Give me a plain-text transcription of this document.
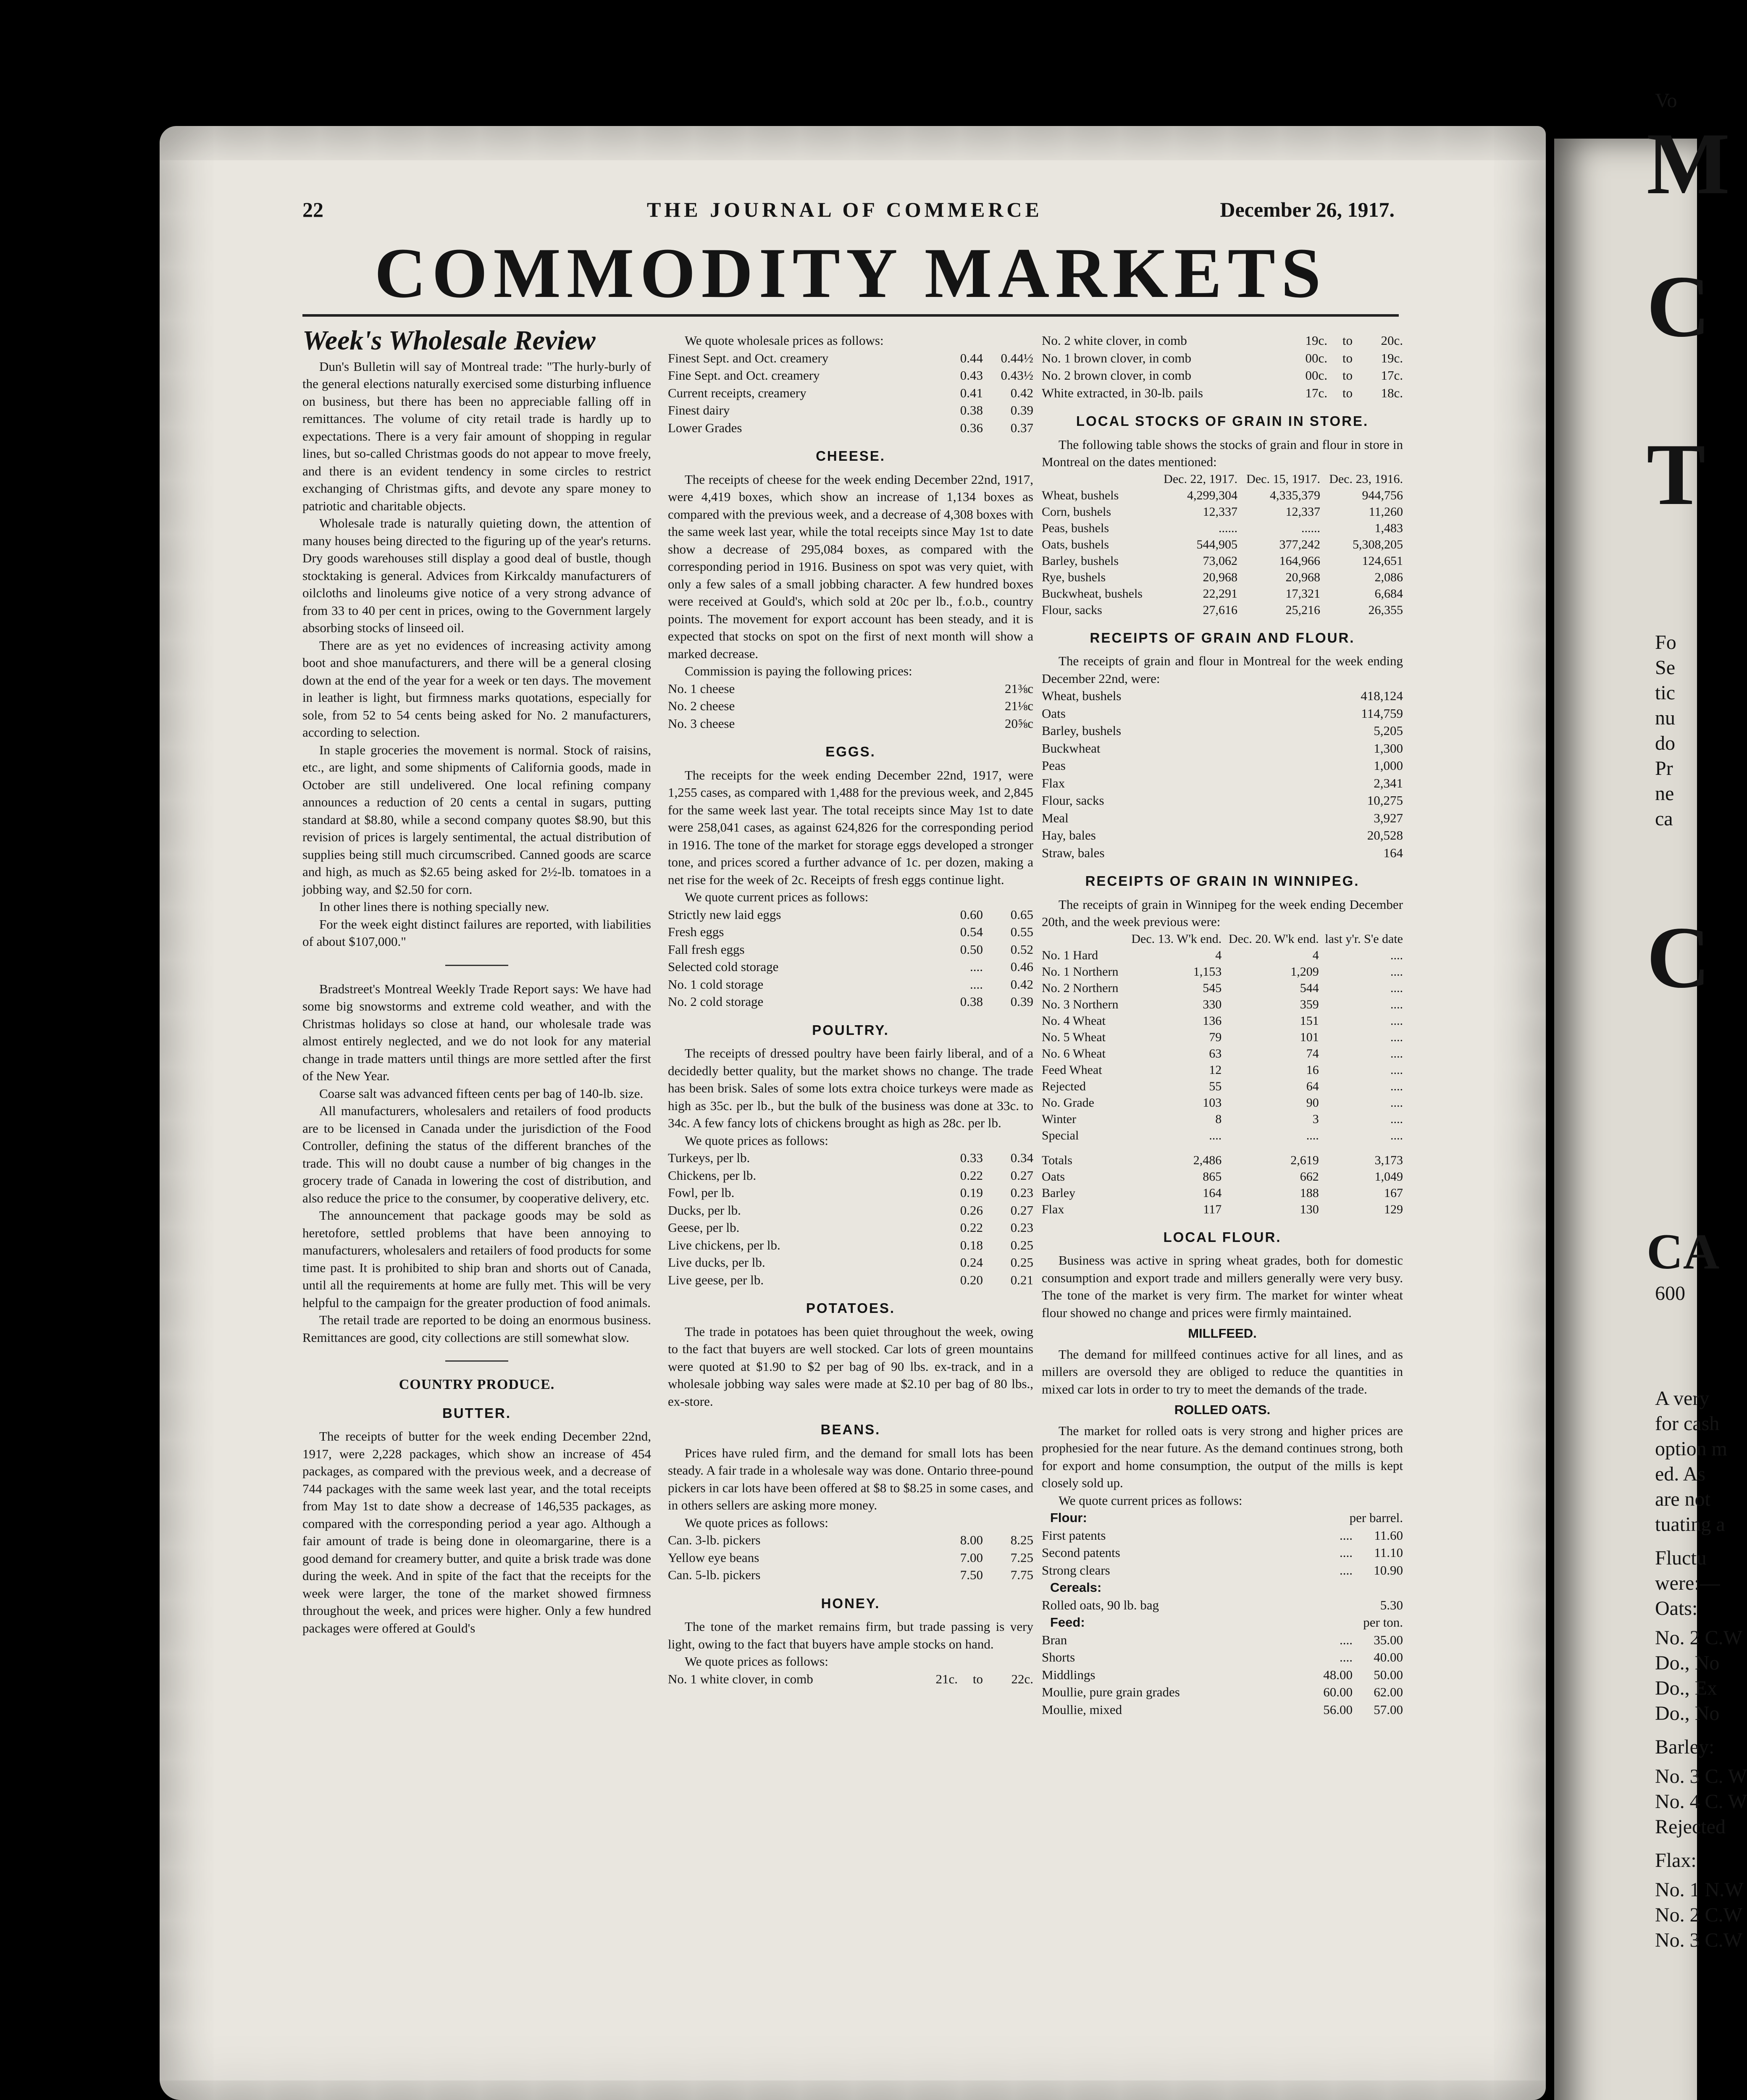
Vo
M
C
T
Fo
Se
tic
nu
do
Pr
ne
ca
C
CA
600
A very
for cash
option m
ed. As
are not
tuating a
Fluctu
were:—
Oats:
No. 2 C.W
Do., No
Do., Ex
Do., No
Barley:
No. 3 C. W
No. 4 C. W
Rejected
Flax:
No. 1 N.W
No. 2 C.W
No. 3 C.W
22	THE JOURNAL OF COMMERCE	December 26, 1917.
COMMODITY MARKETS
Week's Wholesale Review

Dun's Bulletin will say of Montreal trade: "The hurly-burly of the general elections naturally exercised some disturbing influence on business, but there has been no appreciable falling off in remittances. The volume of city retail trade is hardly up to expectations. There is a very fair amount of shopping in regular lines, but so-called Christmas goods do not appear to move freely, and there is an evident tendency in some circles to restrict exchanging of Christmas gifts, and devote any spare money to patriotic and charitable objects.

Wholesale trade is naturally quieting down, the attention of many houses being directed to the figuring up of the year's returns. Dry goods warehouses still display a good deal of bustle, though stocktaking is general. Advices from Kirkcaldy manufacturers of oilcloths and linoleums give notice of a very strong advance of from 33 to 40 per cent in prices, owing to the Government largely absorbing stocks of linseed oil.

There are as yet no evidences of increasing activity among boot and shoe manufacturers, and there will be a general closing down at the end of the year for a week or ten days. The movement in leather is light, but firmness marks quotations, especially for sole, from 52 to 54 cents being asked for No. 2 manufacturers, according to selection.

In staple groceries the movement is normal. Stock of raisins, etc., are light, and some shipments of California goods, made in October are still undelivered. One local refining company announces a reduction of 20 cents a cental in sugars, putting standard at $8.80, while a second company quotes $8.90, but this revision of prices is largely sentimental, the actual distribution of supplies being still much circumscribed. Canned goods are scarce and high, as much as $2.65 being asked for 2½-lb. tomatoes in a jobbing way, and $2.50 for corn.

In other lines there is nothing specially new.

For the week eight distinct failures are reported, with liabilities of about $107,000."

Bradstreet's Montreal Weekly Trade Report says: We have had some big snowstorms and extreme cold weather, and with the Christmas holidays so close at hand, our wholesale trade was almost entirely neglected, and we do not look for any material change in trade matters until things are more settled after the first of the New Year.

Coarse salt was advanced fifteen cents per bag of 140-lb. size.

All manufacturers, wholesalers and retailers of food products are to be licensed in Canada under the jurisdiction of the Food Controller, defining the status of the different branches of the trade. This will no doubt cause a number of big changes in the grocery trade of Canada in lowering the cost of distribution, and also reduce the price to the consumer, by cooperative delivery, etc.

The announcement that package goods may be sold as heretofore, settled problems that have been annoying to manufacturers, wholesalers and retailers of food products for some time past. It is prohibited to ship bran and shorts out of Canada, until all the requirements at home are fully met. This will be very helpful to the campaign for the greater production of food animals.

The retail trade are reported to be doing an enormous business. Remittances are good, city collections are still somewhat slow.

COUNTRY PRODUCE.
BUTTER.

The receipts of butter for the week ending December 22nd, 1917, were 2,228 packages, which show an increase of 454 packages, as compared with the previous week, and a decrease of 744 packages with the same week last year, and the total receipts from May 1st to date show a decrease of 146,535 packages, as compared with the corresponding period a year ago. Although a fair amount of trade is being done in oleomargarine, there is a good demand for creamery butter, and quite a brisk trade was done during the week. And in spite of the fact that the receipts for the week were larger, the tone of the market showed firmness throughout the week, and prices were higher. Only a few hundred packages were offered at Gould's

We quote wholesale prices as follows:

Finest Sept. and Oct. creamery	0.44	0.44½
Fine Sept. and Oct. creamery	0.43	0.43½
Current receipts, creamery	0.41	0.42
Finest dairy	0.38	0.39
Lower Grades	0.36	0.37
CHEESE.

The receipts of cheese for the week ending December 22nd, 1917, were 4,419 boxes, which show an increase of 1,134 boxes as compared with the previous week, and a decrease of 4,308 boxes with the same week last year, while the total receipts since May 1st to date show a decrease of 295,084 boxes, as compared with the corresponding period in 1916. Business on spot was very quiet, with only a few sales of a small jobbing character. A few hundred boxes were received at Gould's, which sold at 20c per lb., f.o.b., country points. The movement for export account has been steady, and it is expected that stocks on spot on the first of next month will show a marked decrease.

Commission is paying the following prices:

No. 1 cheese	21⅜c
No. 2 cheese	21⅛c
No. 3 cheese	20⅝c
EGGS.

The receipts for the week ending December 22nd, 1917, were 1,255 cases, as compared with 1,488 for the previous week, and 2,845 for the same week last year. The total receipts since May 1st to date were 258,041 cases, as against 624,826 for the corresponding period in 1916. The tone of the market for storage eggs developed a stronger tone, and prices scored a further advance of 1c. per dozen, making a net rise for the week of 2c. Receipts of fresh eggs continue light.

We quote current prices as follows:

Strictly new laid eggs	0.60	0.65
Fresh eggs	0.54	0.55
Fall fresh eggs	0.50	0.52
Selected cold storage	....	0.46
No. 1 cold storage	....	0.42
No. 2 cold storage	0.38	0.39
POULTRY.

The receipts of dressed poultry have been fairly liberal, and of a decidedly better quality, but the market shows no change. The trade has been brisk. Sales of some lots extra choice turkeys were made as high as 35c. per lb., but the bulk of the business was done at 33c. to 34c. A few fancy lots of chickens brought as high as 28c. per lb.

We quote prices as follows:

Turkeys, per lb.	0.33	0.34
Chickens, per lb.	0.22	0.27
Fowl, per lb.	0.19	0.23
Ducks, per lb.	0.26	0.27
Geese, per lb.	0.22	0.23
Live chickens, per lb.	0.18	0.25
Live ducks, per lb.	0.24	0.25
Live geese, per lb.	0.20	0.21
POTATOES.

The trade in potatoes has been quiet throughout the week, owing to the fact that buyers are well stocked. Car lots of green mountains were quoted at $1.90 to $2 per bag of 90 lbs. ex-track, and in a wholesale jobbing way sales were made at $2.10 per bag of 80 lbs., ex-store.

BEANS.

Prices have ruled firm, and the demand for small lots has been steady. A fair trade in a wholesale way was done. Ontario three-pound pickers in car lots have been offered at $8 to $8.25 in some cases, and in others sellers are asking more money.

We quote prices as follows:

Can. 3-lb. pickers	8.00	8.25
Yellow eye beans	7.00	7.25
Can. 5-lb. pickers	7.50	7.75
HONEY.

The tone of the market remains firm, but trade passing is very light, owing to the fact that buyers have ample stocks on hand.

We quote prices as follows:

No. 1 white clover, in comb	21c.	to	22c.
No. 2 white clover, in comb	19c.	to	20c.
No. 1 brown clover, in comb	00c.	to	19c.
No. 2 brown clover, in comb	00c.	to	17c.
White extracted, in 30-lb. pails	17c.	to	18c.
LOCAL STOCKS OF GRAIN IN STORE.

The following table shows the stocks of grain and flour in store in Montreal on the dates mentioned:

	Dec. 22, 1917.	Dec. 15, 1917.	Dec. 23, 1916.
Wheat, bushels	4,299,304	4,335,379	944,756
Corn, bushels	12,337	12,337	11,260
Peas, bushels	......	......	1,483
Oats, bushels	544,905	377,242	5,308,205
Barley, bushels	73,062	164,966	124,651
Rye, bushels	20,968	20,968	2,086
Buckwheat, bushels	22,291	17,321	6,684
Flour, sacks	27,616	25,216	26,355
RECEIPTS OF GRAIN AND FLOUR.

The receipts of grain and flour in Montreal for the week ending December 22nd, were:

Wheat, bushels	418,124
Oats	114,759
Barley, bushels	5,205
Buckwheat	1,300
Peas	1,000
Flax	2,341
Flour, sacks	10,275
Meal	3,927
Hay, bales	20,528
Straw, bales	164
RECEIPTS OF GRAIN IN WINNIPEG.

The receipts of grain in Winnipeg for the week ending December 20th, and the week previous were:

	Dec. 13. W'k end.	Dec. 20. W'k end.	last y'r. S'e date
No. 1 Hard	4	4	....
No. 1 Northern	1,153	1,209	....
No. 2 Northern	545	544	....
No. 3 Northern	330	359	....
No. 4 Wheat	136	151	....
No. 5 Wheat	79	101	....
No. 6 Wheat	63	74	....
Feed Wheat	12	16	....
Rejected	55	64	....
No. Grade	103	90	....
Winter	8	3	....
Special	....	....	....

Totals	2,486	2,619	3,173
Oats	865	662	1,049
Barley	164	188	167
Flax	117	130	129
LOCAL FLOUR.

Business was active in spring wheat grades, both for domestic consumption and export trade and millers generally were very busy. The tone of the market is very firm. The market for winter wheat flour showed no change and prices were firmly maintained.

MILLFEED.

The demand for millfeed continues active for all lines, and as millers are oversold they are obliged to reduce the quantities in mixed car lots in order to try to meet the demands of the trade.

ROLLED OATS.

The market for rolled oats is very strong and higher prices are prophesied for the near future. As the demand continues strong, both for export and home consumption, the output of the mills is kept closely sold up.

We quote current prices as follows:

Flour:	per barrel.
First patents	....	11.60
Second patents	....	11.10
Strong clears	....	10.90
Cereals:
Rolled oats, 90 lb. bag	5.30
Feed:	per ton.
Bran	....	35.00
Shorts	....	40.00
Middlings	48.00	50.00
Moullie, pure grain grades	60.00	62.00
Moullie, mixed	56.00	57.00
